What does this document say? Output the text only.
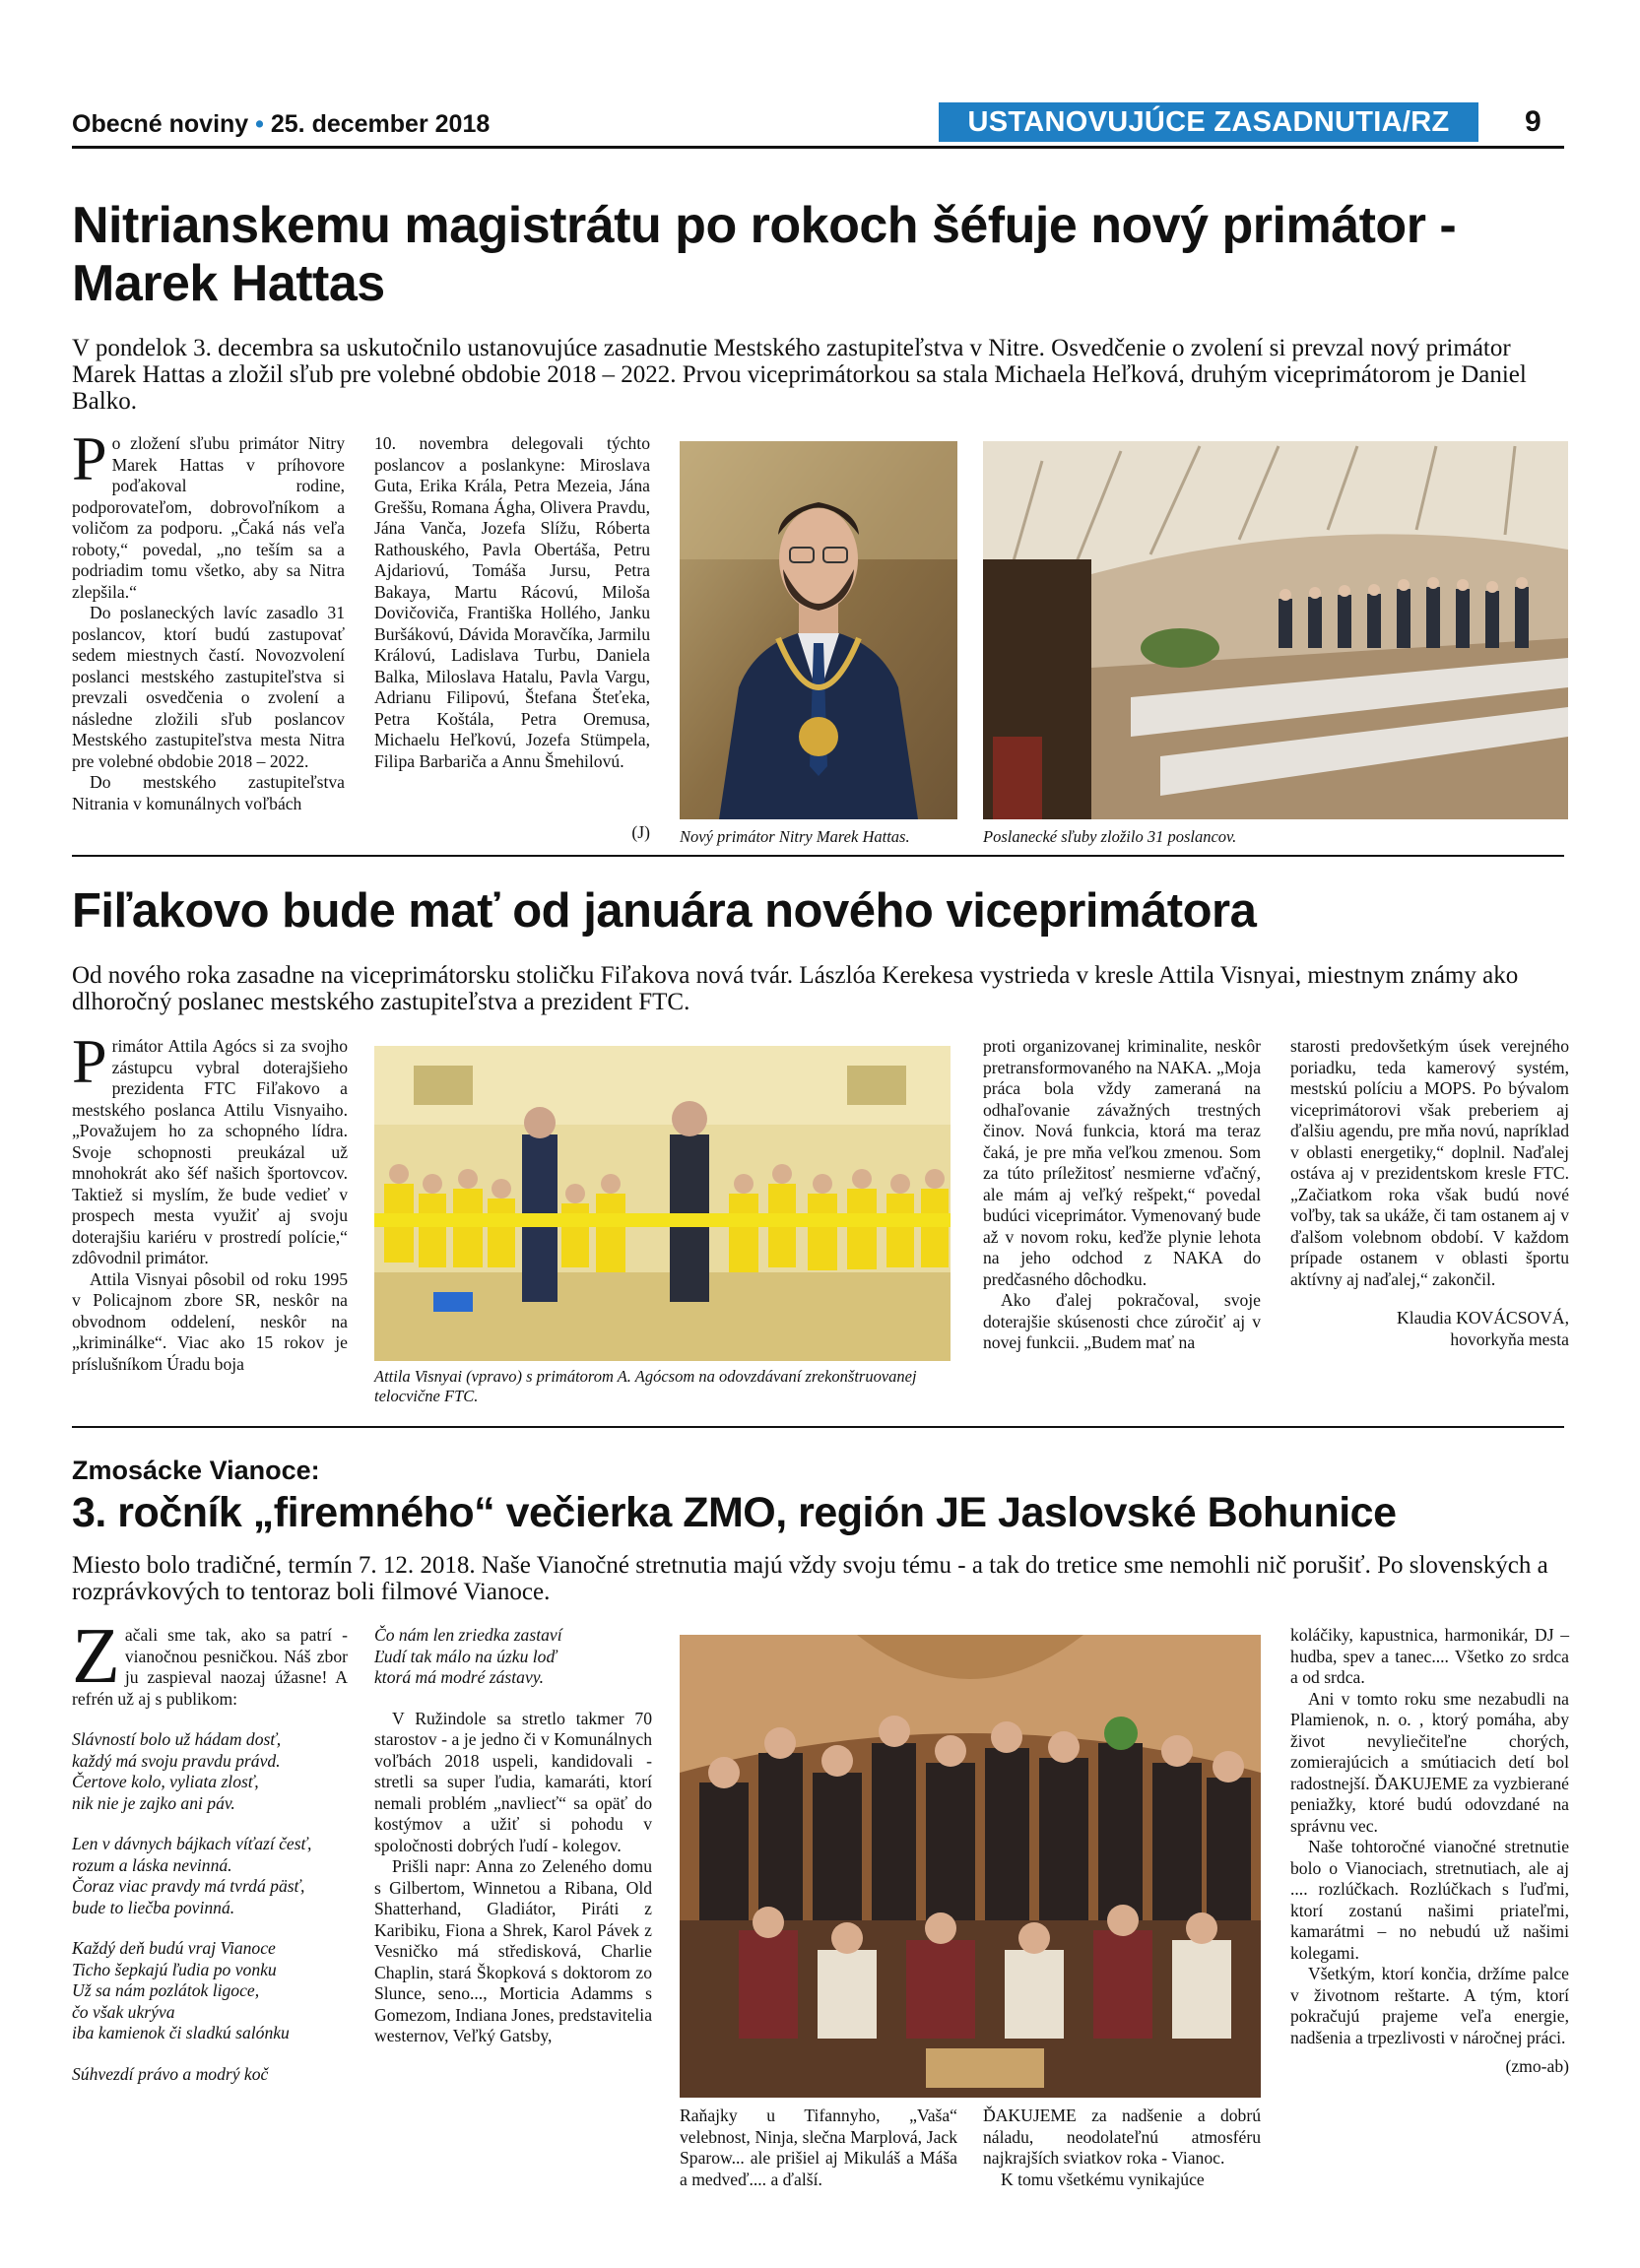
Obecné noviny • 25. december 2018	USTANOVUJÚCE ZASADNUTIA/RZ	9
Nitrianskemu magistrátu po rokoch šéfuje nový primátor - Marek Hattas

V pondelok 3. decembra sa uskutočnilo ustanovujúce zasadnutie Mestského zastupiteľstva v Nitre. Osvedčenie o zvolení si prevzal nový primátor Marek Hattas a zložil sľub pre volebné obdobie 2018 – 2022. Prvou viceprimátorkou sa stala Michaela Heľková, druhým viceprimátorom je Daniel Balko.

P o zložení sľubu primátor Nitry Marek Hattas v príhovore poďakoval rodine, podporovateľom, dobrovoľníkom a voličom za podporu. „Čaká nás veľa roboty,“ povedal, „no teším sa a podriadim tomu všetko, aby sa Nitra zlepšila.“

Do poslaneckých lavíc zasadlo 31 poslancov, ktorí budú zastupovať sedem miestnych častí. Novozvolení poslanci mestského zastupiteľstva si prevzali osvedčenia o zvolení a následne zložili sľub poslancov Mestského zastupiteľstva mesta Nitra pre volebné obdobie 2018 – 2022.

Do mestského zastupiteľstva Nitrania v komunálnych voľbách

10. novembra delegovali týchto poslancov a poslankyne: Miroslava Guta, Erika Krála, Petra Mezeia, Jána Greššu, Romana Ágha, Olivera Pravdu, Jána Vanča, Jozefa Slížu, Róberta Rathouského, Pavla Obertáša, Petru Ajdariovú, Tomáša Jursu, Petra Bakaya, Martu Rácovú, Miloša Dovičoviča, Františka Hollého, Janku Buršákovú, Dávida Moravčíka, Jarmilu Královú, Ladislava Turbu, Daniela Balka, Miloslava Hatalu, Pavla Vargu, Adrianu Filipovú, Štefana Šteťeka, Petra Koštála, Petra Oremusa, Michaelu Heľkovú, Jozefa Stümpela, Filipa Barbariča a Annu Šmehilovú.

(J) Nový primátor Nitry Marek Hattas.	Poslanecké sľuby zložilo 31 poslancov.
Fiľakovo bude mať od januára nového viceprimátora

Od nového roka zasadne na viceprimátorsku stoličku Fiľakova nová tvár. Lászlóa Kerekesa vystrieda v kresle Attila Visnyai, miestnym známy ako dlhoročný poslanec mestského zastupiteľstva a prezident FTC.

P rimátor Attila Agócs si za svojho zástupcu vybral doterajšieho prezidenta FTC Fiľakovo a mestského poslanca Attilu Visnyaiho. „Považujem ho za schopného lídra. Svoje schopnosti preukázal už mnohokrát ako šéf našich športovcov. Taktiež si myslím, že bude vedieť v prospech mesta využiť aj svoju doterajšiu kariéru v prostredí polície,“ zdôvodnil primátor.

Attila Visnyai pôsobil od roku 1995 v Policajnom zbore SR, neskôr na obvodnom oddelení, neskôr na „kriminálke“. Viac ako 15 rokov je príslušníkom Úradu boja

Attila Visnyai (vpravo) s primátorom A. Agócsom na odovzdávaní zrekonštruovanej telocvične FTC.

proti organizovanej kriminalite, neskôr pretransformovaného na NAKA. „Moja práca bola vždy zameraná na odhaľovanie závažných trestných činov. Nová funkcia, ktorá ma teraz čaká, je pre mňa veľkou zmenou. Som za túto príležitosť nesmierne vďačný, ale mám aj veľký rešpekt,“ povedal budúci viceprimátor. Vymenovaný bude až v novom roku, keďže plynie lehota na jeho odchod z NAKA do predčasného dôchodku.

Ako ďalej pokračoval, svoje doterajšie skúsenosti chce zúročiť aj v novej funkcii. „Budem mať na

starosti predovšetkým úsek verejného poriadku, teda kamerový systém, mestskú políciu a MOPS. Po bývalom viceprimátorovi však preberiem aj ďalšiu agendu, pre mňa novú, napríklad v oblasti energetiky,“ doplnil. Naďalej ostáva aj v prezidentskom kresle FTC. „Začiatkom roka však budú nové voľby, tak sa ukáže, či tam ostanem aj v ďalšom volebnom období. V každom prípade ostanem v oblasti športu aktívny aj naďalej,“ zakončil.

Klaudia KOVÁCSOVÁ,

hovorkyňa mesta

Zmosácke Vianoce:
3. ročník „firemného“ večierka ZMO, región JE Jaslovské Bohunice

Miesto bolo tradičné, termín 7. 12. 2018. Naše Vianočné stretnutia majú vždy svoju tému - a tak do tretice sme nemohli nič porušiť. Po slovenských a rozprávkových to tentoraz boli filmové Vianoce.

Z ačali sme tak, ako sa patrí - vianočnou pesničkou. Náš zbor ju zaspieval naozaj úžasne! A refrén už aj s publikom:

Slávností bolo už hádam dosť,
každý má svoju pravdu právd.
Čertove kolo, vyliata zlosť,
nik nie je zajko ani páv.

Len v dávnych bájkach víťazí česť,
rozum a láska nevinná.
Čoraz viac pravdy má tvrdá päsť,
bude to liečba povinná.

Každý deň budú vraj Vianoce
Ticho šepkajú ľudia po vonku
Už sa nám pozlátok ligoce,
čo však ukrýva
iba kamienok či sladkú salónku

Súhvezdí právo a modrý koč

Čo nám len zriedka zastaví
Ľudí tak málo na úzku loď
ktorá má modré zástavy.

V Ružindole sa stretlo takmer 70 starostov - a je jedno či v Komunálnych voľbách 2018 uspeli, kandidovali - stretli sa super ľudia, kamaráti, ktorí nemali problém „navliecť“ sa opäť do kostýmov a užiť si pohodu v spoločnosti dobrých ľudí - kolegov.

Prišli napr: Anna zo Zeleného domu s Gilbertom, Winnetou a Ribana, Old Shatterhand, Gladiátor, Piráti z Karibiku, Fiona a Shrek, Karol Pávek z Vesničko má středisková, Charlie Chaplin, stará Škopková s doktorom zo Slunce, seno..., Morticia Adamms s Gomezom, Indiana Jones, predstavitelia westernov, Veľký Gatsby,

Raňajky u Tifannyho, „Vaša“ velebnost, Ninja, slečna Marplová, Jack Sparow... ale prišiel aj Mikuláš a Máša a medveď.... a ďalší.

ĎAKUJEME za nadšenie a dobrú náladu, neodolateľnú atmosféru najkrajších sviatkov roka - Vianoc.

K tomu všetkému vynikajúce

koláčiky, kapustnica, harmonikár, DJ – hudba, spev a tanec.... Všetko zo srdca a od srdca.

Ani v tomto roku sme nezabudli na Plamienok, n. o. , ktorý pomáha, aby život nevyliečiteľne chorých, zomierajúcich a smútiacich detí bol radostnejší. ĎAKUJEME za vyzbierané peniažky, ktoré budú odovzdané na správnu vec.

Naše tohtoročné vianočné stretnutie bolo o Vianociach, stretnutiach, ale aj .... rozlúčkach. Rozlúčkach s ľuďmi, ktorí zostanú našimi priateľmi, kamarátmi – no nebudú už našimi kolegami.

Všetkým, ktorí končia, držíme palce v životnom reštarte. A tým, ktorí pokračujú prajeme veľa energie, nadšenia a trpezlivosti v náročnej práci.

(zmo-ab)
